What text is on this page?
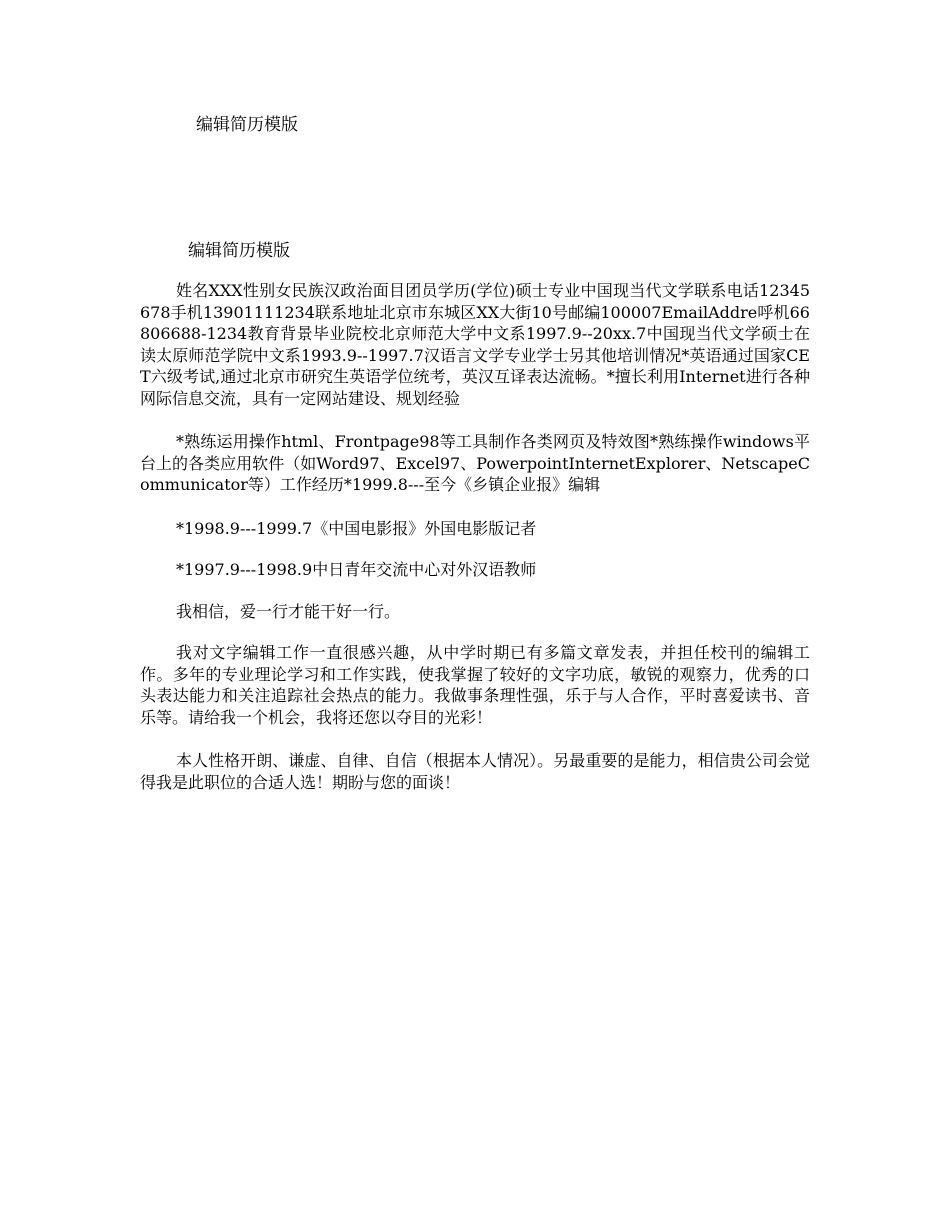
编辑简历模版
编辑简历模版

姓名XXX性别女民族汉政治面目团员学历(学位)硕士专业中国现当代文学联系电话12345678手机13901111234联系地址北京市东城区XX大街10号邮编100007EmailAddre呼机66806688-1234教育背景毕业院校北京师范大学中文系1997.9--20xx.7中国现当代文学硕士在读太原师范学院中文系1993.9--1997.7汉语言文学专业学士另其他培训情况*英语通过国家CET六级考试,通过北京市研究生英语学位统考，英汉互译表达流畅。*擅长利用Internet进行各种网际信息交流，具有一定网站建设、规划经验

*熟练运用操作html、Frontpage98等工具制作各类网页及特效图*熟练操作windows平台上的各类应用软件（如Word97、Excel97、PowerpointInternetExplorer、NetscapeCommunicator等）工作经历*1999.8---至今《乡镇企业报》编辑

*1998.9---1999.7《中国电影报》外国电影版记者

*1997.9---1998.9中日青年交流中心对外汉语教师

我相信，爱一行才能干好一行。

我对文字编辑工作一直很感兴趣，从中学时期已有多篇文章发表，并担任校刊的编辑工作。多年的专业理论学习和工作实践，使我掌握了较好的文字功底，敏锐的观察力，优秀的口头表达能力和关注追踪社会热点的能力。我做事条理性强，乐于与人合作，平时喜爱读书、音乐等。请给我一个机会，我将还您以夺目的光彩！

本人性格开朗、谦虚、自律、自信（根据本人情况）。另最重要的是能力，相信贵公司会觉得我是此职位的合适人选！期盼与您的面谈！
